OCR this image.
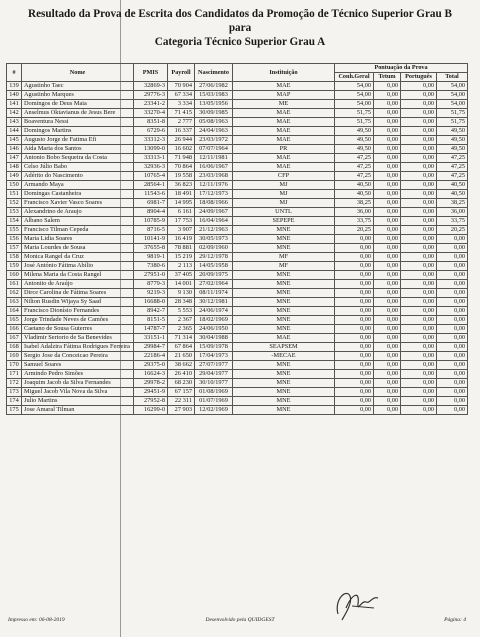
Resultado da Prova de Escrita dos Candidatos da Promoção de Técnico Superior Grau B
para
Categoria Técnico Superior Grau A
#	Nome	PMIS	Payroll	Nascimento	Instituição	Pontuação da Prova			
						Conh.Geral	Tetum	Português	Total
139	Agustinho Taec	32869-3	70 904	27/06/1982	MAE	54,00	0,00	0,00	54,00
140	Agustinho Marques	29776-3	67 334	15/03/1983	MAP	54,00	0,00	0,00	54,00
141	Domingos de Deus Maia	23341-2	3 334	13/05/1956	ME	54,00	0,00	0,00	54,00
142	Anselmus Oktavianus de Jesus Bere	33270-4	71 415	30/09/1985	MAE	51,75	0,00	0,00	51,75
143	Boaventura Nessi	8351-8	2 777	05/08/1963	MAE	51,75	0,00	0,00	51,75
144	Domingos Martins	6729-6	16 337	24/04/1963	MAE	49,50	0,00	0,00	49,50
145	Augusto Jorge de Fatima Efi	33312-3	26 944	23/03/1972	MAE	49,50	0,00	0,00	49,50
146	Aida Maria dos Santos	13099-0	16 602	07/07/1964	PR	49,50	0,00	0,00	49,50
147	Antonio Bobo Sequeira da Costa	33313-1	71 948	12/11/1981	MAE	47,25	0,00	0,00	47,25
148	Celso Júlio Babo	32936-3	70 864	16/06/1967	MAE	47,25	0,00	0,00	47,25
149	Adérito do Nascimento	10765-4	19 558	23/03/1968	CFP	47,25	0,00	0,00	47,25
150	Armando Maya	28564-1	36 823	12/11/1976	MJ	40,50	0,00	0,00	40,50
151	Domingas Castanheira	11543-6	18 491	17/12/1973	MJ	40,50	0,00	0,00	40,50
152	Francisco Xavier Vasco Soares	6981-7	14 995	18/08/1966	MJ	38,25	0,00	0,00	38,25
153	Alexandrino de Araujo	8904-4	6 161	24/09/1967	UNTL	36,00	0,00	0,00	36,00
154	Albano Salem	10785-9	17 753	16/04/1964	SEPEPE	33,75	0,00	0,00	33,75
155	Francisco Tilman Cepeda	8716-5	3 907	21/12/1963	MNE	20,25	0,00	0,00	20,25
156	Maria Lidia Soares	10141-9	16 419	30/05/1973	MNE	0,00	0,00	0,00	0,00
157	Maria Lourdes de Sousa	37655-8	78 881	02/09/1960	MNE	0,00	0,00	0,00	0,00
158	Monica Rangel da Cruz	9819-1	15 219	29/12/1978	MF	0,00	0,00	0,00	0,00
159	José António Fátima Abílio	7380-6	2 113	14/05/1958	MF	0,00	0,00	0,00	0,00
160	Milena Maria da Costa Rangel	27951-0	37 405	20/09/1975	MNE	0,00	0,00	0,00	0,00
161	Antonito de Araújo	8779-3	14 001	27/02/1964	MNE	0,00	0,00	0,00	0,00
162	Dirce Carolina de Fátima Soares	9219-3	9 130	08/11/1974	MNE	0,00	0,00	0,00	0,00
163	Nilton Rusdin Wijaya Sy Saad	16688-0	28 348	30/12/1981	MNE	0,00	0,00	0,00	0,00
164	Francisco Dionísio Fernandes	8942-7	5 553	24/06/1974	MNE	0,00	0,00	0,00	0,00
165	Jorge Trindade Neves de Camões	8151-5	2 367	18/02/1969	MNE	0,00	0,00	0,00	0,00
166	Caetano de Sousa Guterres	14787-7	2 365	24/06/1950	MNE	0,00	0,00	0,00	0,00
167	Vladimir Sertorio de Sa Benevides	33151-1	71 314	30/04/1988	MAE	0,00	0,00	0,00	0,00
168	Isabel Adalzira Fátima Rodrigues Ferreira	29984-7	67 864	15/09/1978	SEAPSEM	0,00	0,00	0,00	0,00
169	Sergio Jose da Conceicao Pereira	22186-4	21 650	17/04/1973	-MECAE	0,00	0,00	0,00	0,00
170	Samuel Soares	29375-0	38 662	27/07/1977	MNE	0,00	0,00	0,00	0,00
171	Armindo Pedro Simões	16624-3	26 410	29/04/1977	MNE	0,00	0,00	0,00	0,00
172	Joaquim Jacob da Silva Fernandes	29978-2	68 230	30/10/1977	MNE	0,00	0,00	0,00	0,00
173	Miguel Jacob Vila Nova da Silva	29451-9	67 157	01/08/1969	MNE	0,00	0,00	0,00	0,00
174	Julio Martins	27952-8	22 311	01/07/1969	MNE	0,00	0,00	0,00	0,00
175	Jose Amaral Tilman	16299-0	27 903	12/02/1969	MNE	0,00	0,00	0,00	0,00
Impresso em: 06-08-2019	Desenvolvido pela QUIDGEST	Página: 4
